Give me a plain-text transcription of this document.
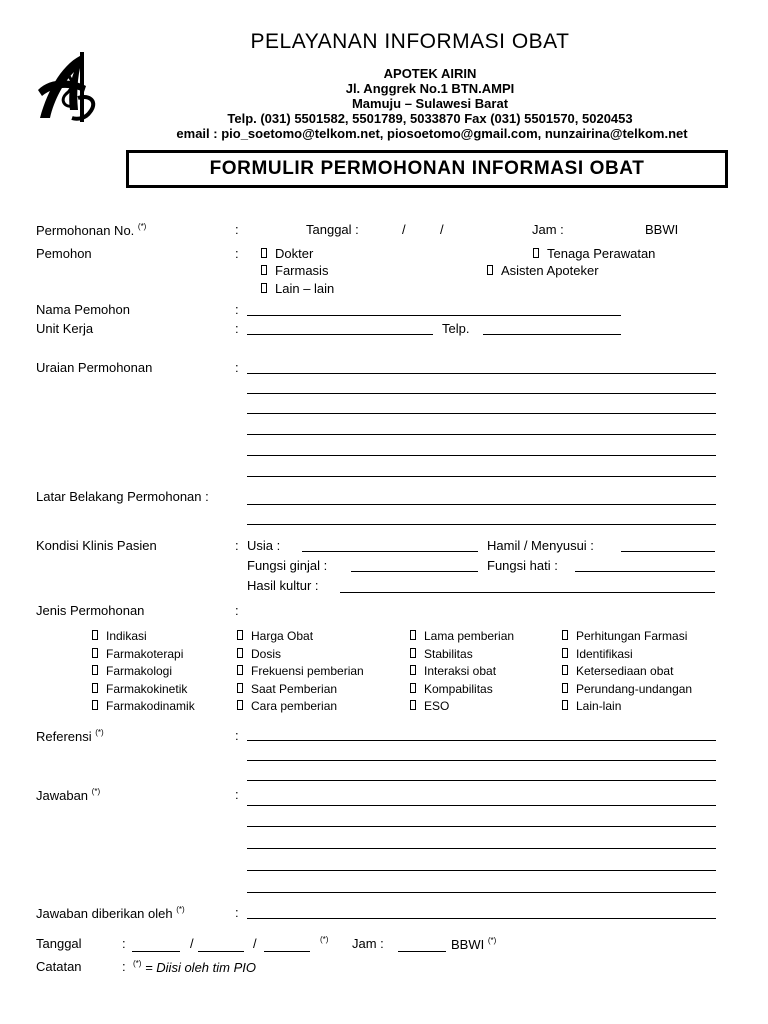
PELAYANAN INFORMASI OBAT
APOTEK AIRIN
Jl. Anggrek No.1 BTN.AMPI
Mamuju – Sulawesi Barat
Telp. (031) 5501582, 5501789, 5033870 Fax (031) 5501570, 5020453
email : pio_soetomo@telkom.net, piosoetomo@gmail.com, nunzairina@telkom.net
FORMULIR PERMOHONAN INFORMASI OBAT
Permohonan No. (*)	:	Tanggal :	/	/	Jam :	BBWI
Pemohon	:	Dokter	Tenaga Perawatan
Farmasis	Asisten Apoteker
Lain – lain
Nama Pemohon	:
Unit Kerja	:	Telp.
Uraian Permohonan	:
Latar Belakang Permohonan :
Kondisi Klinis Pasien	: Usia :	Hamil / Menyusui :
Fungsi ginjal :	Fungsi hati :
Hasil kultur :
Jenis Permohonan	:
Indikasi
Farmakoterapi
Farmakologi
Farmakokinetik
Farmakodinamik
Harga Obat
Dosis
Frekuensi pemberian
Saat Pemberian
Cara pemberian
Lama pemberian
Stabilitas
Interaksi obat
Kompabilitas
ESO
Perhitungan Farmasi
Identifikasi
Ketersediaan obat
Perundang-undangan
Lain-lain
Referensi (*)	:
Jawaban (*)	:
Jawaban diberikan oleh (*)	:
Tanggal	:	/	/	(*) Jam :	BBWI (*)
Catatan	: (*) = Diisi oleh tim PIO
